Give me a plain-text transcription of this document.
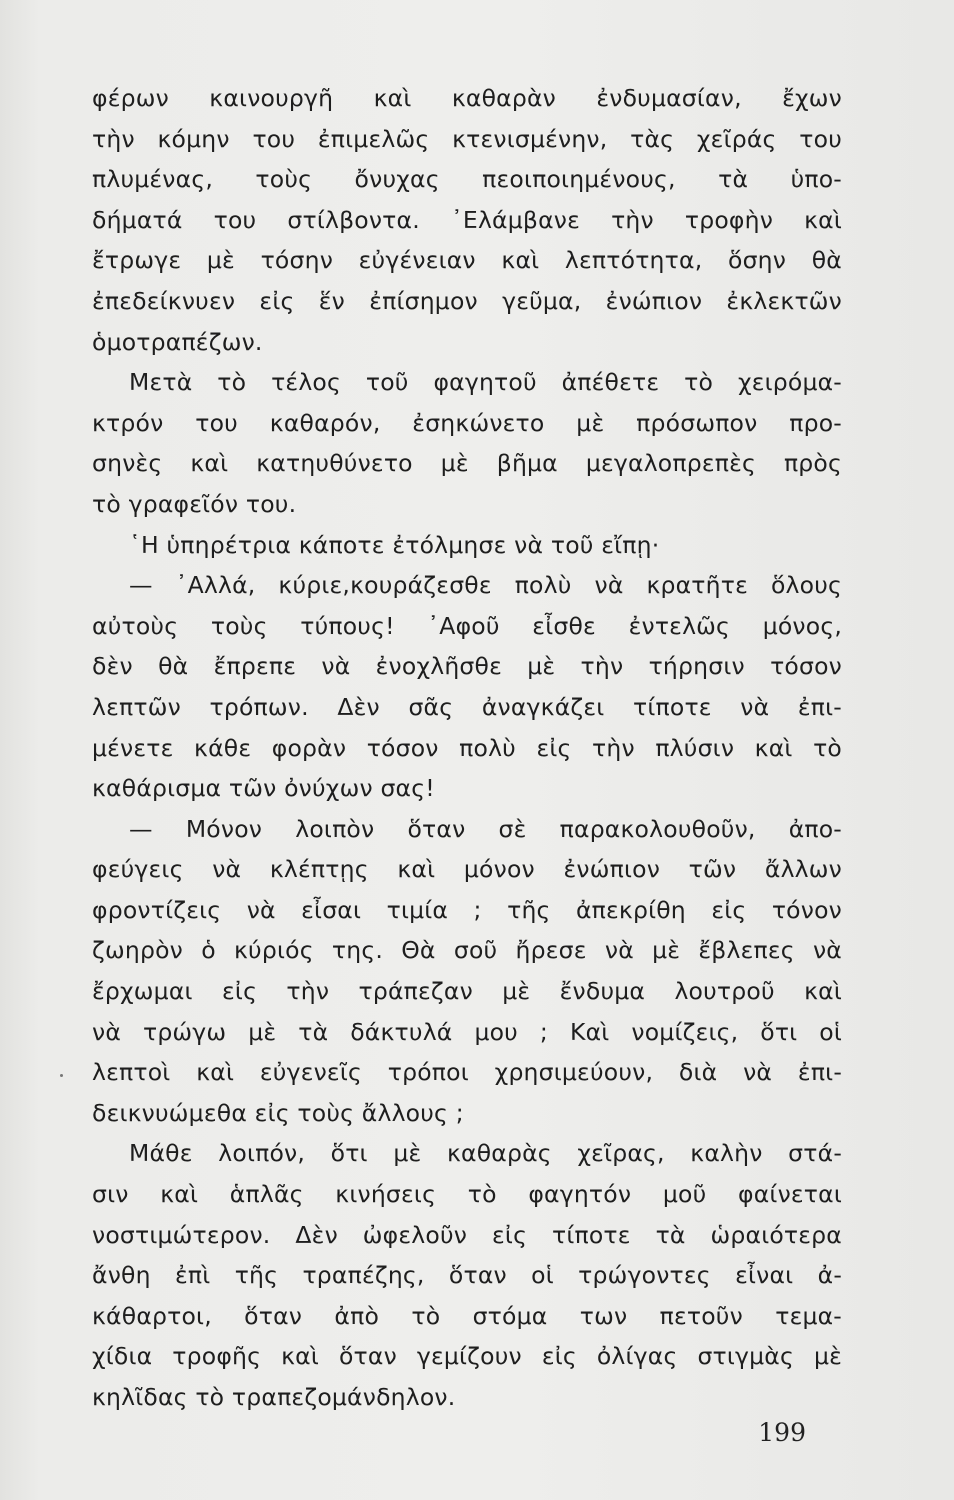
φέρων καινουργῆ καὶ καθαρὰν ἐνδυμασίαν, ἔχων
τὴν κόμην του ἐπιμελῶς κτενισμένην, τὰς χεῖράς του
πλυμένας, τοὺς ὄνυχας πεοιποιημένους, τὰ ὑπο-
δήματά του στίλβοντα. ᾿Ελάμβανε τὴν τροφὴν καὶ
ἔτρωγε μὲ τόσην εὐγένειαν καὶ λεπτότητα, ὅσην θὰ
ἐπεδείκνυεν εἰς ἕν ἐπίσημον γεῦμα, ἐνώπιον ἐκλεκτῶν
ὁμοτραπέζων.
Μετὰ τὸ τέλος τοῦ φαγητοῦ ἀπέθετε τὸ χειρόμα-
κτρόν του καθαρόν, ἐσηκώνετο μὲ πρόσωπον προ-
σηνὲς καὶ κατηυθύνετο μὲ βῆμα μεγαλοπρεπὲς πρὸς
τὸ γραφεῖόν του.
῾Η ὑπηρέτρια κάποτε ἐτόλμησε νὰ τοῦ εἴπῃ·
— ᾿Αλλά, κύριε,κουράζεσθε πολὺ νὰ κρατῆτε ὅλους
αὐτοὺς τοὺς τύπους! ᾿Αφοῦ εἶσθε ἐντελῶς μόνος,
δὲν θὰ ἔπρεπε νὰ ἐνοχλῆσθε μὲ τὴν τήρησιν τόσον
λεπτῶν τρόπων. Δὲν σᾶς ἀναγκάζει τίποτε νὰ ἐπι-
μένετε κάθε φορὰν τόσον πολὺ εἰς τὴν πλύσιν καὶ τὸ
καθάρισμα τῶν ὀνύχων σας!
— Μόνον λοιπὸν ὅταν σὲ παρακολουθοῦν, ἀπο-
φεύγεις νὰ κλέπτῃς καὶ μόνον ἐνώπιον τῶν ἄλλων
φροντίζεις νὰ εἶσαι τιμία ; τῆς ἀπεκρίθη εἰς τόνον
ζωηρὸν ὁ κύριός της. Θὰ σοῦ ἤρεσε νὰ μὲ ἔβλεπες νὰ
ἔρχωμαι εἰς τὴν τράπεζαν μὲ ἔνδυμα λουτροῦ καὶ
νὰ τρώγω μὲ τὰ δάκτυλά μου ; Καὶ νομίζεις, ὅτι οἱ
λεπτοὶ καὶ εὐγενεῖς τρόποι χρησιμεύουν, διὰ νὰ ἐπι-
δεικνυώμεθα εἰς τοὺς ἄλλους ;
Μάθε λοιπόν, ὅτι μὲ καθαρὰς χεῖρας, καλὴν στά-
σιν καὶ ἁπλᾶς κινήσεις τὸ φαγητόν μοῦ φαίνεται
νοστιμώτερον. Δὲν ὠφελοῦν εἰς τίποτε τὰ ὡραιότερα
ἄνθη ἐπὶ τῆς τραπέζης, ὅταν οἱ τρώγοντες εἶναι ἀ-
κάθαρτοι, ὅταν ἀπὸ τὸ στόμα των πετοῦν τεμα-
χίδια τροφῆς καὶ ὅταν γεμίζουν εἰς ὀλίγας στιγμὰς μὲ
κηλῖδας τὸ τραπεζομάνδηλον.
199
